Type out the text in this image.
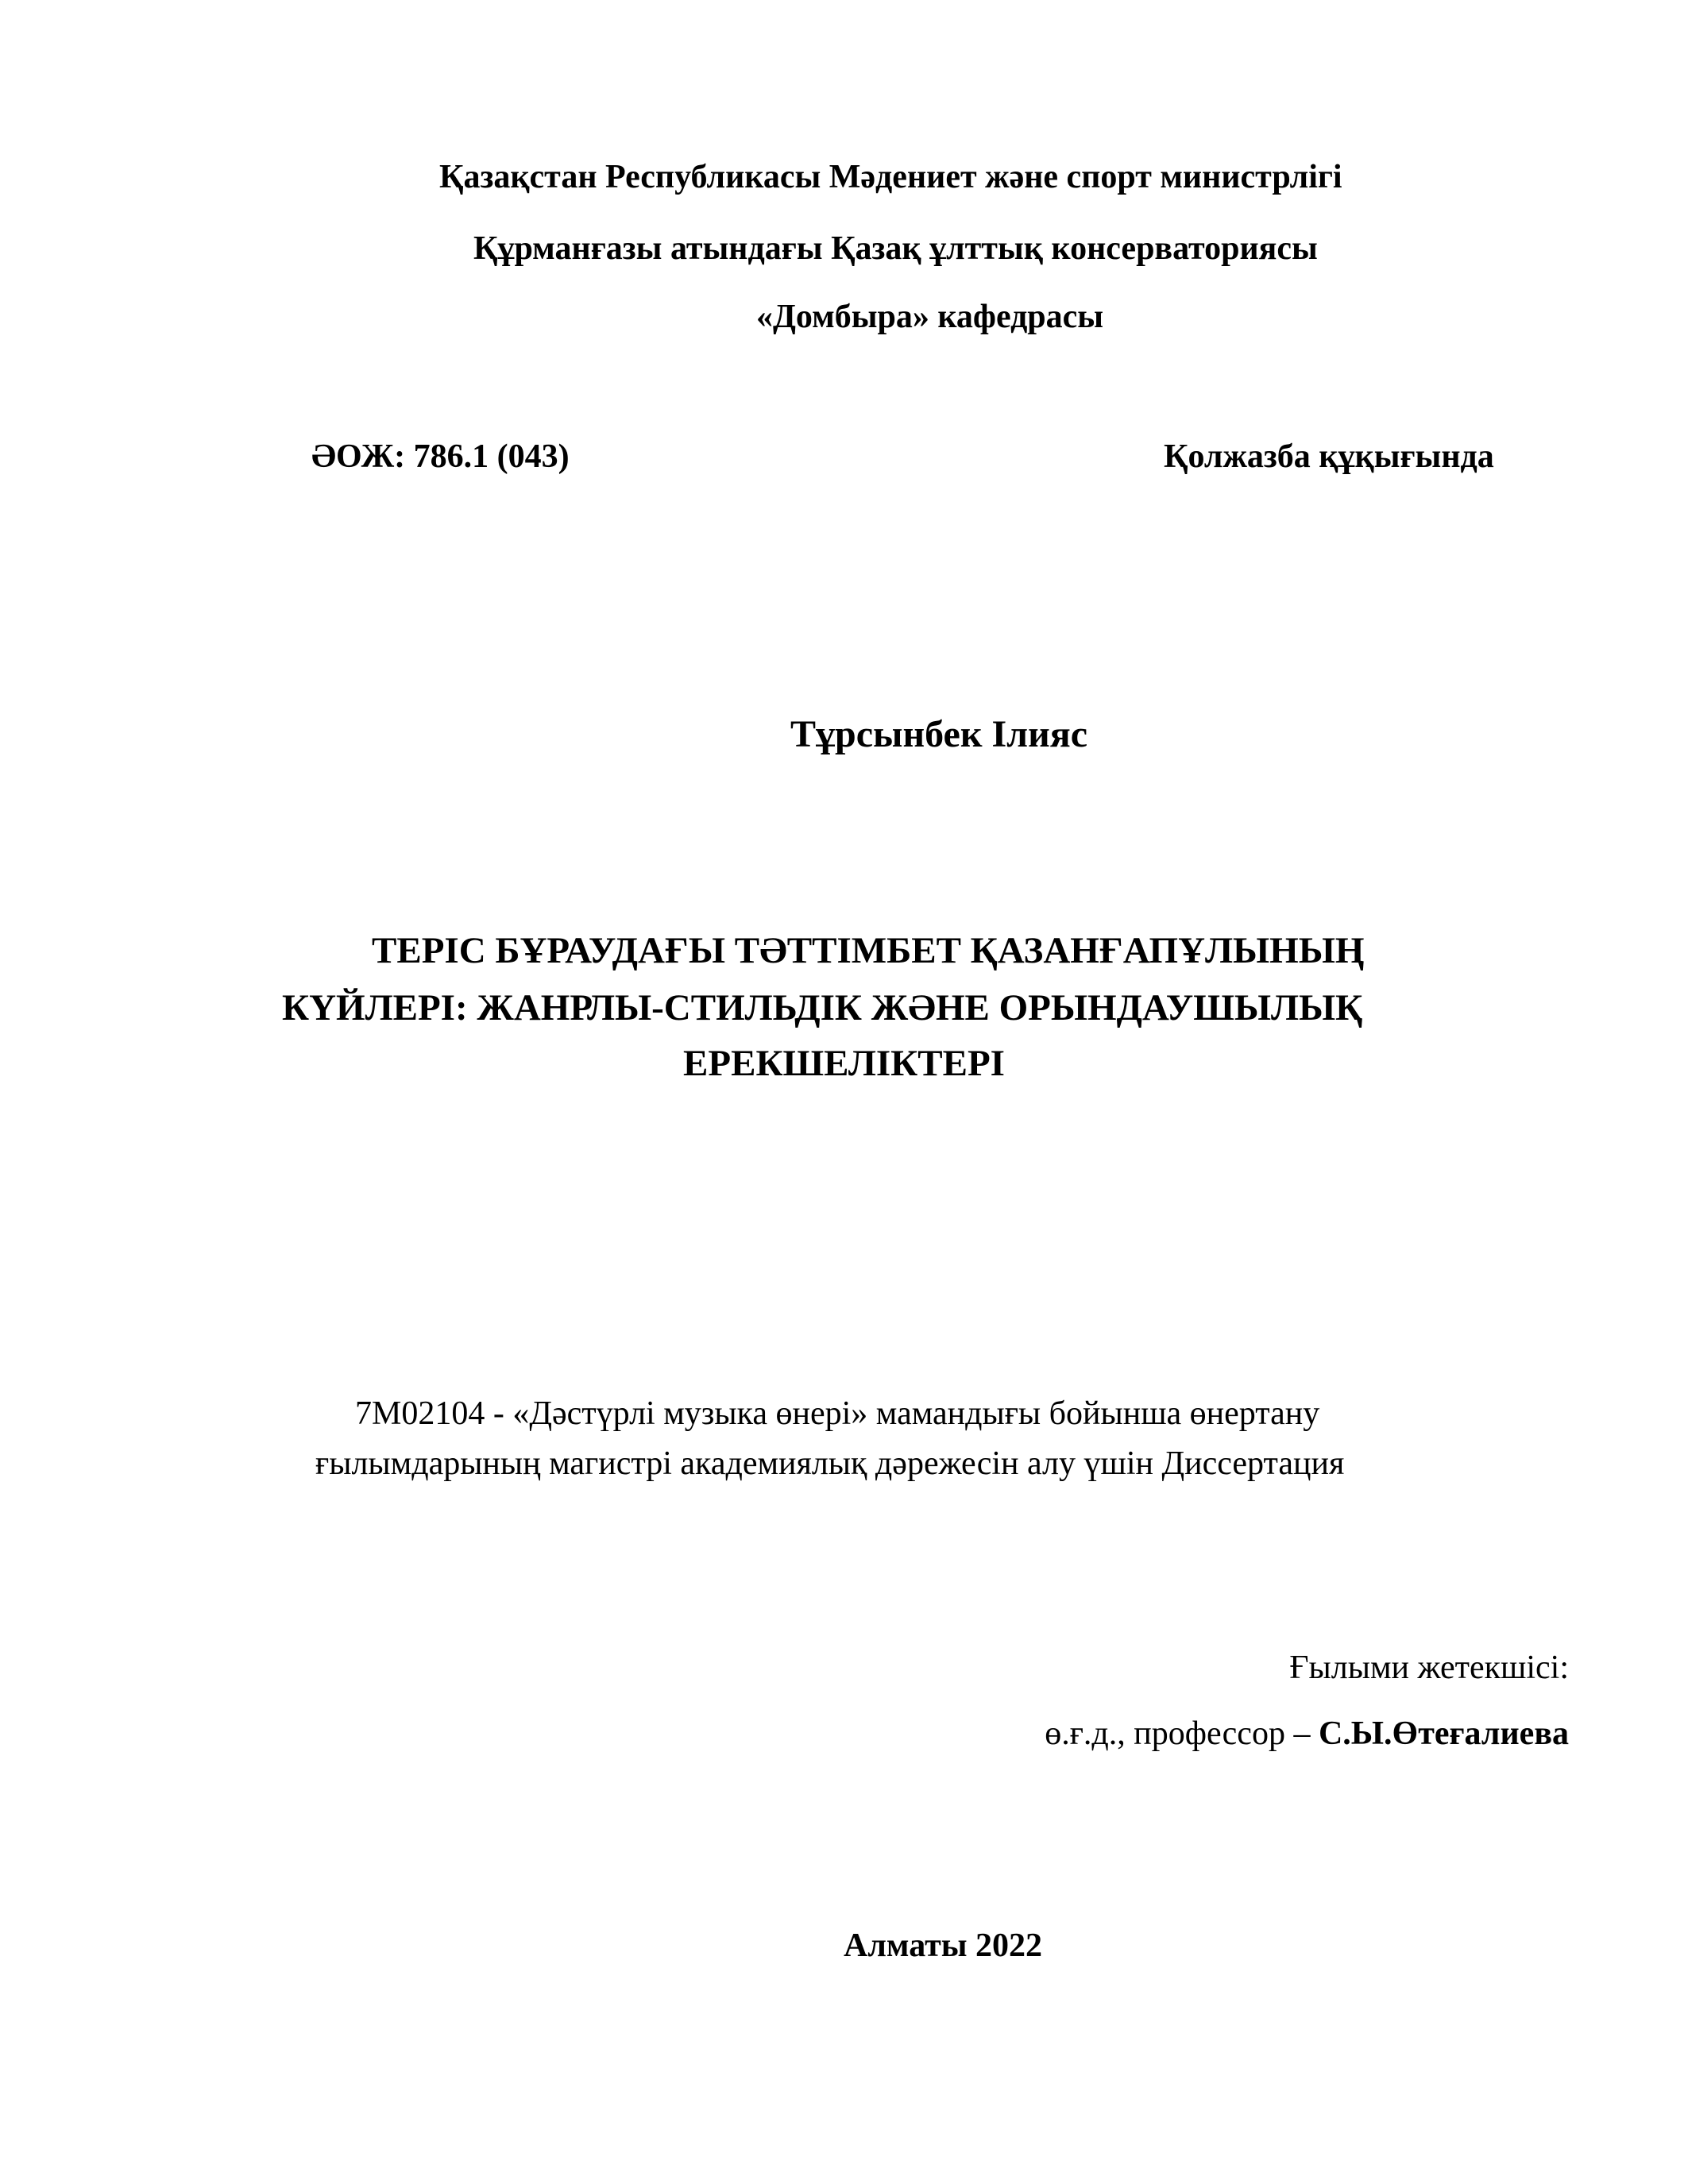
Қазақстан Республикасы Мәдениет және спорт министрлігі
Құрманғазы атындағы Қазақ ұлттық консерваториясы
«Домбыра» кафедрасы
ӘОЖ: 786.1 (043)	Қолжазба құқығында
Тұрсынбек Ілияс
ТЕРІС БҰРАУДАҒЫ ТӘТТІМБЕТ ҚАЗАНҒАПҰЛЫНЫҢ
КҮЙЛЕРІ: ЖАНРЛЫ-СТИЛЬДІК ЖӘНЕ ОРЫНДАУШЫЛЫҚ
ЕРЕКШЕЛІКТЕРІ
7M02104 - «Дәстүрлі музыка өнері» мамандығы бойынша өнертану
ғылымдарының магистрі академиялық дәрежесін алу үшін Диссертация
Ғылыми жетекшісі:
ө.ғ.д., профессор – С.Ы.Өтеғалиева
Алматы 2022
